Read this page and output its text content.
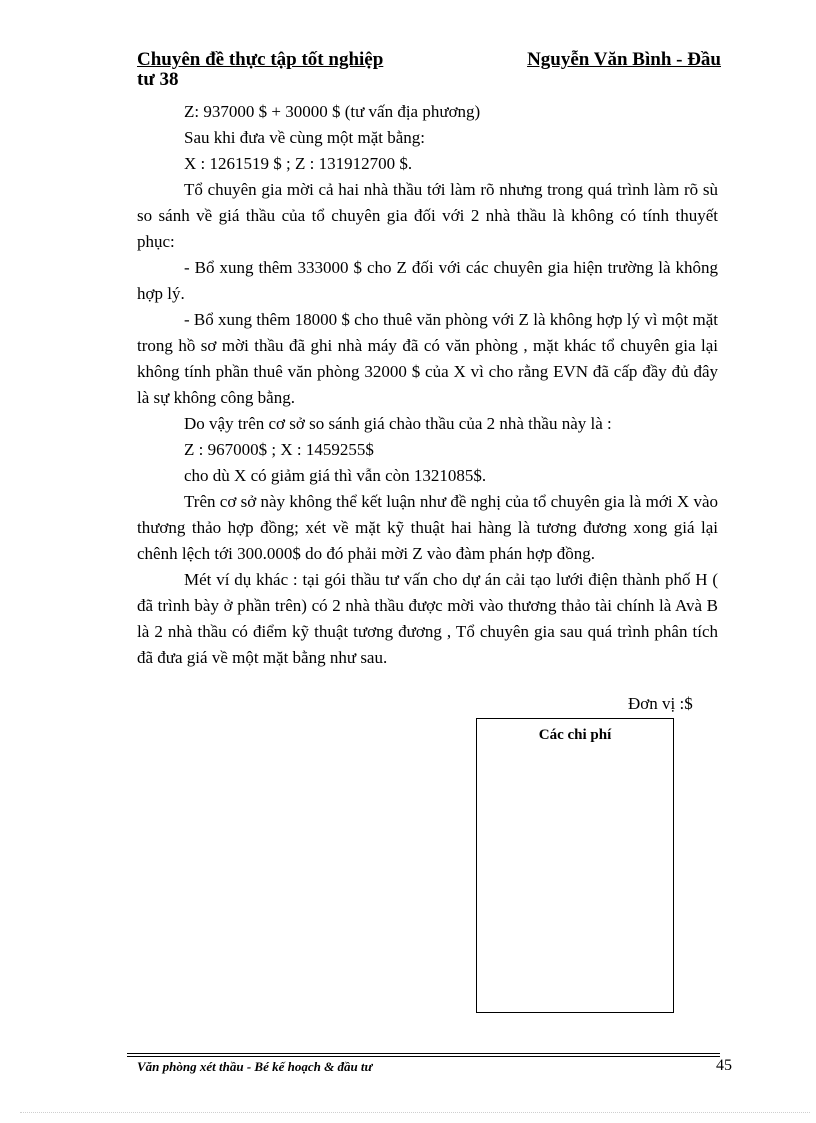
Chuyên đề thực tập tốt nghiệp	Nguyễn Văn Bình - Đầu
tư 38

Z: 937000 $ + 30000 $ (tư vấn địa phương)

Sau khi đưa về cùng một mặt bằng:

X : 1261519 $ ; Z : 131912700 $.

Tổ chuyên gia mời cả hai nhà thầu tới làm rõ nhưng trong quá trình làm rõ sù so sánh về giá thầu của tổ chuyên gia đối với 2 nhà thầu là không có tính thuyết phục:

- Bổ xung thêm 333000 $ cho Z đối với các chuyên gia hiện trường là không hợp lý.

- Bổ xung thêm 18000 $ cho thuê văn phòng với Z là không hợp lý vì một mặt trong hồ sơ mời thầu đã ghi nhà máy đã có văn phòng , mặt khác tổ chuyên gia lại không tính phần thuê văn phòng 32000 $ của X vì cho rằng EVN đã cấp đầy đủ đây là sự không công bằng.

Do vậy trên cơ sở so sánh giá chào thầu của 2 nhà thầu này là :

Z : 967000$ ; X : 1459255$

cho dù X có giảm giá thì vẫn còn 1321085$.

Trên cơ sở này không thể kết luận như đề nghị của tổ chuyên gia là mới X vào thương thảo hợp đồng; xét về mặt kỹ thuật hai hàng là tương đương xong giá lại chênh lệch tới 300.000$ do đó phải mời Z vào đàm phán hợp đồng.

Mét ví dụ khác : tại gói thầu tư vấn cho dự án cải tạo lưới điện thành phố H ( đã trình bày ở phần trên) có 2 nhà thầu được mời vào thương thảo tài chính là Avà B là 2 nhà thầu có điểm kỹ thuật tương đương , Tổ chuyên gia sau quá trình phân tích đã đưa giá về một mặt bằng như sau.

Đơn vị :$
Các chi phí
Văn phòng xét thầu - Bé kế hoạch & đầu tư	45
